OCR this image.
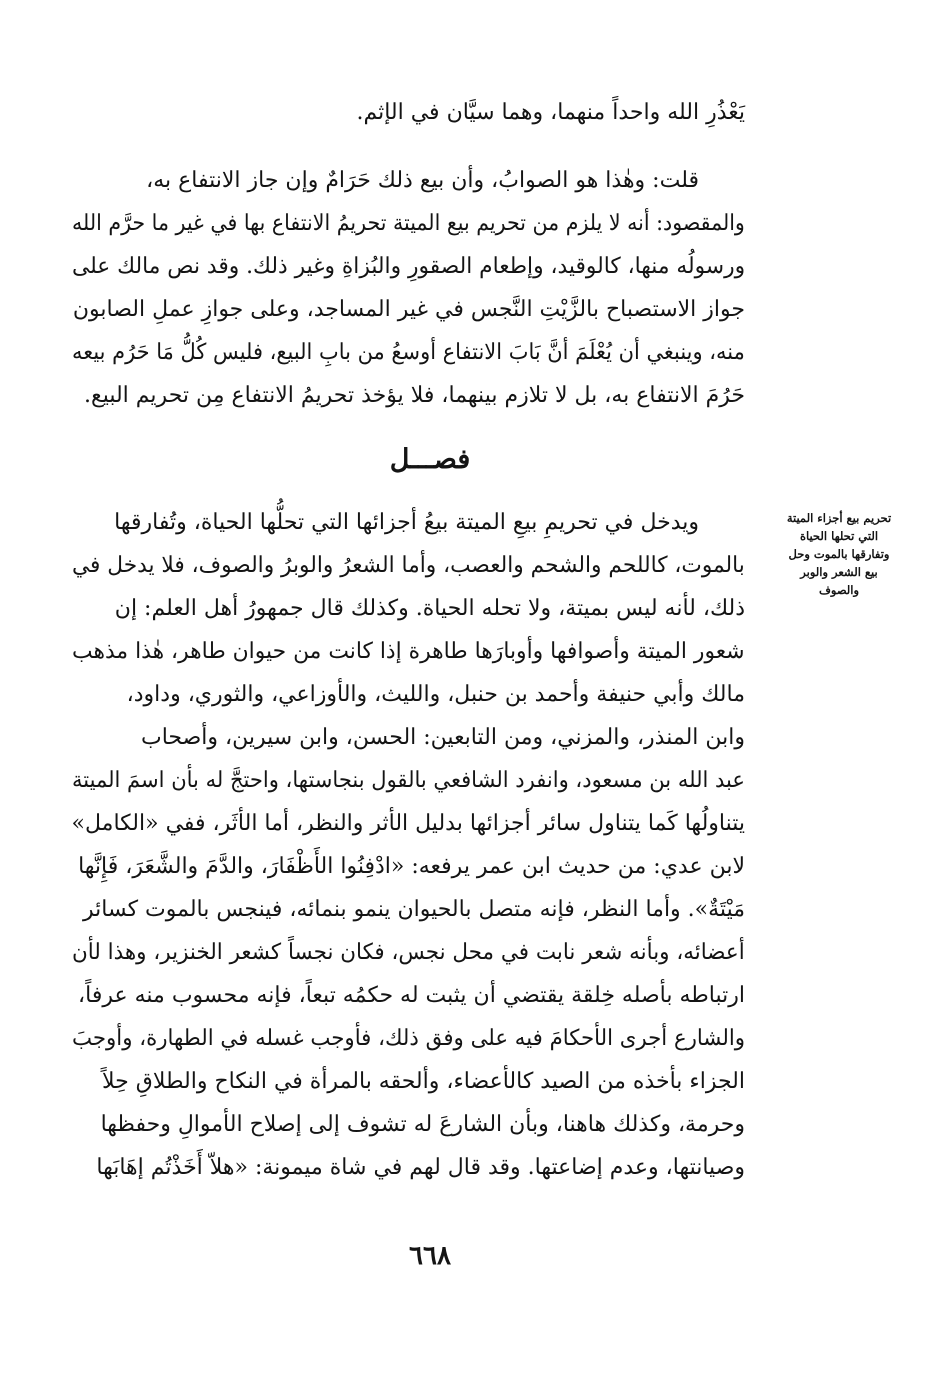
يَعْذُرِ الله واحداً منهما، وهما سيَّان في الإثم.
قلت: وهٰذا هو الصوابُ، وأن بيع ذلك حَرَامٌ وإن جاز الانتفاع به،
والمقصود: أنه لا يلزم من تحريم بيع الميتة تحريمُ الانتفاع بها في غير ما حرَّم الله
ورسولُه منها، كالوقيد، وإطعام الصقورِ والبُزاةِ وغير ذلك. وقد نص مالك على
جواز الاستصباح بالزَّيْتِ النَّجس في غير المساجد، وعلى جوازِ عملِ الصابون
منه، وينبغي أن يُعْلَمَ أنَّ بَابَ الانتفاع أوسعُ من بابِ البيع، فليس كُلُّ مَا حَرُم بيعه
حَرُمَ الانتفاع به، بل لا تلازم بينهما، فلا يؤخذ تحريمُ الانتفاع مِن تحريم البيع.
فصـــل
تحريم بيع أجزاء الميتة
التي تحلها الحياة
وتفارقها بالموت وحل
بيع الشعر والوبر
والصوف
ويدخل في تحريمِ بيعِ الميتة بيعُ أجزائها التي تحلُّها الحياة، وتُفارقها
بالموت، كاللحم والشحم والعصب، وأما الشعرُ والوبرُ والصوف، فلا يدخل في
ذلك، لأنه ليس بميتة، ولا تحله الحياة. وكذلك قال جمهورُ أهل العلم: إن
شعور الميتة وأصوافها وأوبارَها طاهرة إذا كانت من حيوان طاهر، هٰذا مذهب
مالك وأبي حنيفة وأحمد بن حنبل، والليث، والأوزاعي، والثوري، وداود،
وابن المنذر، والمزني، ومن التابعين: الحسن، وابن سيرين، وأصحاب
عبد الله بن مسعود، وانفرد الشافعي بالقول بنجاستها، واحتجَّ له بأن اسمَ الميتة
يتناولُها كَما يتناول سائر أجزائها بدليل الأثر والنظر، أما الأثَر، ففي «الكامل»
لابن عدي: من حديث ابن عمر يرفعه: «ادْفِنُوا الأَظْفَارَ، والدَّمَ والشَّعَرَ، فَإِنَّها
مَيْتَةٌ». وأما النظر، فإنه متصل بالحيوان ينمو بنمائه، فينجس بالموت كسائر
أعضائه، وبأنه شعر نابت في محل نجس، فكان نجساً كشعر الخنزير، وهذا لأن
ارتباطه بأصله خِلقة يقتضي أن يثبت له حكمُه تبعاً، فإنه محسوب منه عرفاً،
والشارع أجرى الأحكامَ فيه على وفق ذلك، فأوجب غسله في الطهارة، وأوجبَ
الجزاء بأخذه من الصيد كالأعضاء، وألحقه بالمرأة في النكاح والطلاقِ حِلاً
وحرمة، وكذلك هاهنا، وبأن الشارعَ له تشوف إلى إصلاح الأموالِ وحفظها
وصيانتها، وعدم إضاعتها. وقد قال لهم في شاة ميمونة: «هلاّ أَخَذْتُم إهَابَها
٦٦٨
